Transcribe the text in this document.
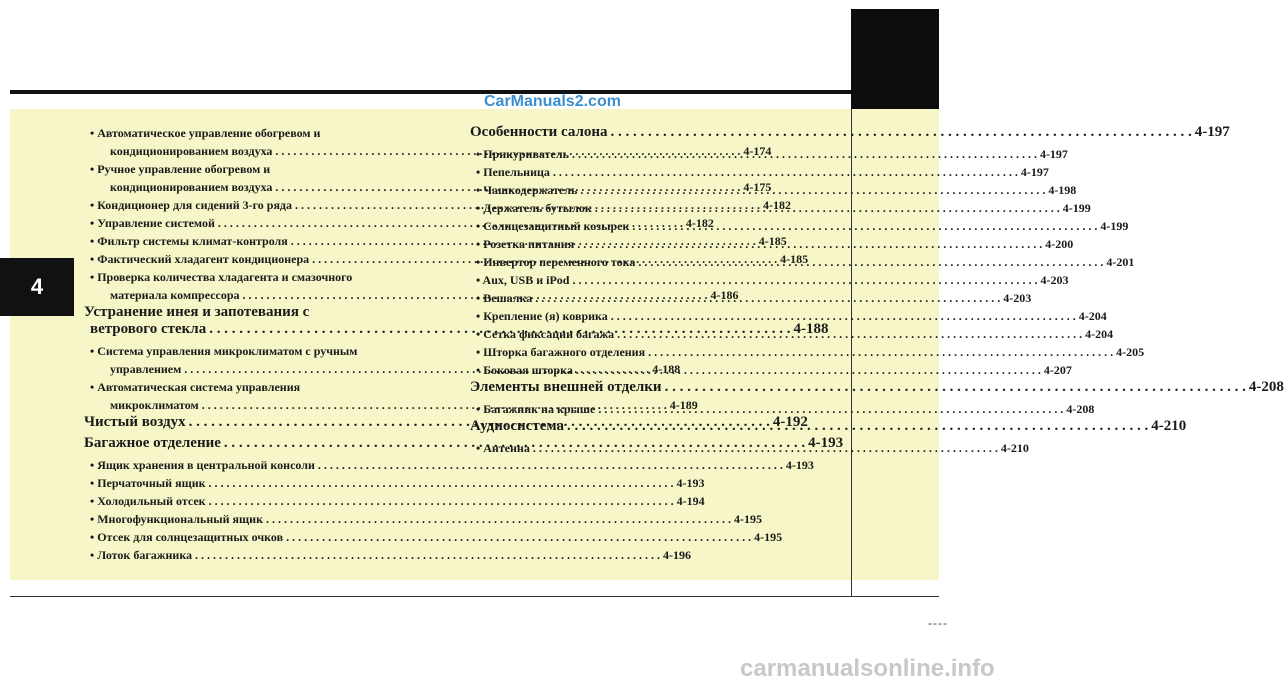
4
CarManuals2.com
• Автоматическое управление обогревом и
кондиционированием воздуха . . .	4-174
• Ручное управление обогревом и
кондиционированием воздуха . . .	4-175
• Кондиционер для сидений 3-го ряда . . .	4-182
• Управление системой . . .	4-182
• Фильтр системы климат-контроля . . .	4-185
• Фактический хладагент кондиционера . . .	4-185
• Проверка количества хладагента и смазочного
материала компрессора . . .	4-186
Устранение инея и запотевания с
ветрового стекла . . .	4-188
• Система управления микроклиматом с ручным
управлением . . .	4-188
• Автоматическая система управления
микроклиматом . . .	4-189
Чистый воздух . . .	4-192
Багажное отделение . . .	4-193
• Ящик хранения в центральной консоли . . .	4-193
• Перчаточный ящик . . .	4-193
• Холодильный отсек . . .	4-194
• Многофункциональный ящик . . .	4-195
• Отсек для солнцезащитных очков . . .	4-195
• Лоток багажника . . .	4-196
Особенности салона . . .	4-197
• Прикуриватель . . .	4-197
• Пепельница . . .	4-197
• Чашкодержатель . . .	4-198
• Держатель бутылок . . .	4-199
• Солнцезащитный козырек . . .	4-199
• Розетка питания . . .	4-200
• Инвертор переменного тока . . .	4-201
• Aux, USB и iPod . . .	4-203
• Вешалка . . .	4-203
• Крепление (я) коврика . . .	4-204
• Сетка фиксации багажа . . .	4-204
• Шторка багажного отделения . . .	4-205
• Боковая шторка . . .	4-207
Элементы внешней отделки . . .	4-208
• Багажник на крыше . . .	4-208
Аудиосистема . . .	4-210
• Антенна . . .	4-210
----
carmanualsonline.info
